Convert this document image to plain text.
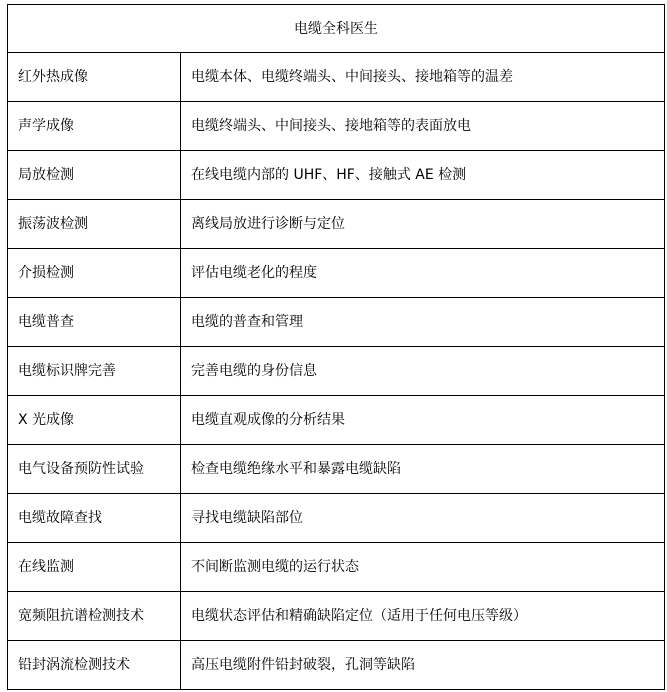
电缆全科医生	
红外热成像	电缆本体、电缆终端头、中间接头、接地箱等的温差
声学成像	电缆终端头、中间接头、接地箱等的表面放电
局放检测	在线电缆内部的 UHF、HF、接触式 AE 检测
振荡波检测	离线局放进行诊断与定位
介损检测	评估电缆老化的程度
电缆普查	电缆的普查和管理
电缆标识牌完善	完善电缆的身份信息
X 光成像	电缆直观成像的分析结果
电气设备预防性试验	检查电缆绝缘水平和暴露电缆缺陷
电缆故障查找	寻找电缆缺陷部位
在线监测	不间断监测电缆的运行状态
宽频阻抗谱检测技术	电缆状态评估和精确缺陷定位（适用于任何电压等级）
铅封涡流检测技术	高压电缆附件铅封破裂，孔洞等缺陷
